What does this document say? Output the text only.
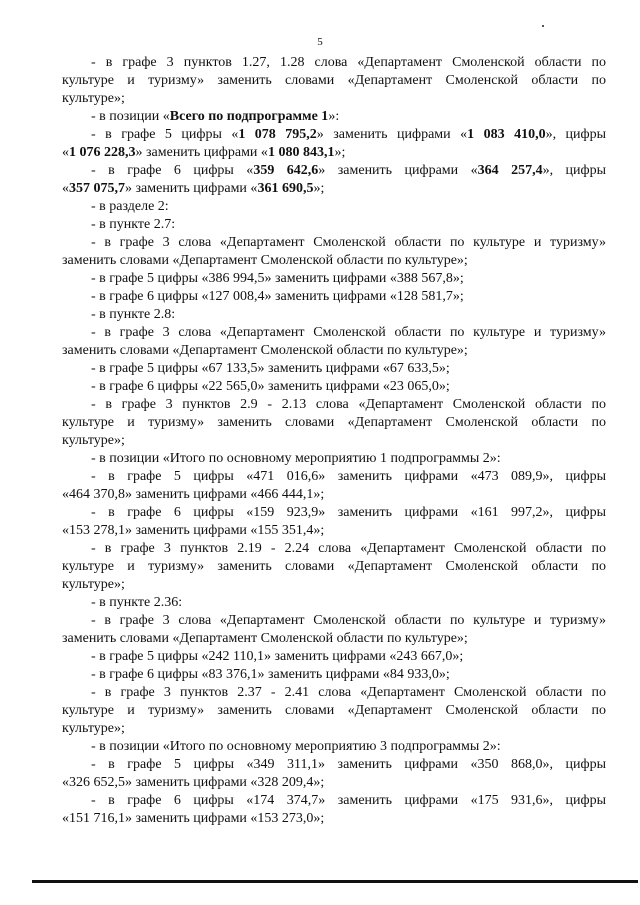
5

- в графе 3 пунктов 1.27, 1.28 слова «Департамент Смоленской области по

культуре и туризму» заменить словами «Департамент Смоленской области по

культуре»;

- в позиции «Всего по подпрограмме 1»:

- в графе 5 цифры «1 078 795,2» заменить цифрами «1 083 410,0», цифры

«1 076 228,3» заменить цифрами «1 080 843,1»;

- в графе 6 цифры «359 642,6» заменить цифрами «364 257,4», цифры

«357 075,7» заменить цифрами «361 690,5»;

- в разделе 2:

- в пункте 2.7:

- в графе 3 слова «Департамент Смоленской области по культуре и туризму»

заменить словами «Департамент Смоленской области по культуре»;

- в графе 5 цифры «386 994,5» заменить цифрами «388 567,8»;

- в графе 6 цифры «127 008,4» заменить цифрами «128 581,7»;

- в пункте 2.8:

- в графе 3 слова «Департамент Смоленской области по культуре и туризму»

заменить словами «Департамент Смоленской области по культуре»;

- в графе 5 цифры «67 133,5» заменить цифрами «67 633,5»;

- в графе 6 цифры «22 565,0» заменить цифрами «23 065,0»;

- в графе 3 пунктов 2.9 - 2.13 слова «Департамент Смоленской области по

культуре и туризму» заменить словами «Департамент Смоленской области по

культуре»;

- в позиции «Итого по основному мероприятию 1 подпрограммы 2»:

- в графе 5 цифры «471 016,6» заменить цифрами «473 089,9», цифры

«464 370,8» заменить цифрами «466 444,1»;

- в графе 6 цифры «159 923,9» заменить цифрами «161 997,2», цифры

«153 278,1» заменить цифрами «155 351,4»;

- в графе 3 пунктов 2.19 - 2.24 слова «Департамент Смоленской области по

культуре и туризму» заменить словами «Департамент Смоленской области по

культуре»;

- в пункте 2.36:

- в графе 3 слова «Департамент Смоленской области по культуре и туризму»

заменить словами «Департамент Смоленской области по культуре»;

- в графе 5 цифры «242 110,1» заменить цифрами «243 667,0»;

- в графе 6 цифры «83 376,1» заменить цифрами «84 933,0»;

- в графе 3 пунктов 2.37 - 2.41 слова «Департамент Смоленской области по

культуре и туризму» заменить словами «Департамент Смоленской области по

культуре»;

- в позиции «Итого по основному мероприятию 3 подпрограммы 2»:

- в графе 5 цифры «349 311,1» заменить цифрами «350 868,0», цифры

«326 652,5» заменить цифрами «328 209,4»;

- в графе 6 цифры «174 374,7» заменить цифрами «175 931,6», цифры

«151 716,1» заменить цифрами «153 273,0»;
